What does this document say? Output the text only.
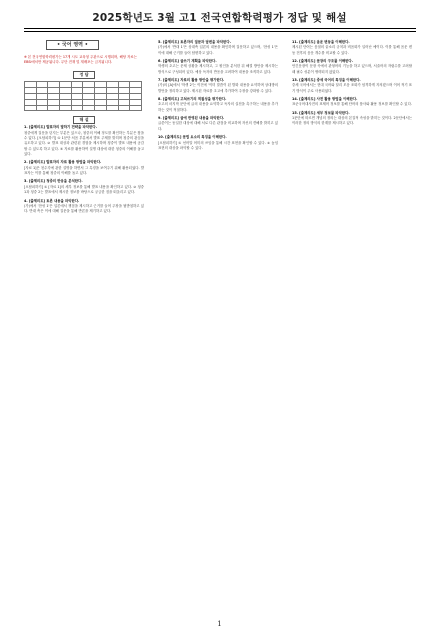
2025학년도 3월 고1 전국연합학력평가 정답 및 해설
• 국어 영역 •
※ 본 전국연합학력평가는 17개 시도 교육청 주관으로 시행되며, 해당 자료는 EBSi에서만 제공됩니다. 무단 전재 및 재배포는 금지됩니다.
정 답

해 설
1. [출제의도] 발표자의 말하기 전략을 파악한다.
청중에게 질문을 던지는 부분은 있으나, 청중의 이해 정도를 확인하는 부분은 찾을 수 없다. [오답피하기] ① 1문단 처음 부분에서 발표 주제를 밝히며 청중의 관심을 유도하고 있다. ② 발표 대상과 관련된 경험을 제시하며 청중이 발표 내용에 공감할 수 있도록 하고 있다. ③ 자료를 활용하여 설명 대상에 대한 청중의 이해를 돕고 있다.
2. [출제의도] 발표자의 자료 활용 방법을 파악한다.
[자료 1]은 천수각에 관한 설명을 하면서 그 특징을 보여주기 위해 활용되었다. 발표자는 이를 통해 청중의 이해를 돕고 있다.
3. [출제의도] 청중의 반응을 분석한다.
[오답피하기] ① [자료 1]의 세부 정보를 통해 발표 내용을 확인하고 있다. ② 청중 1과 청중 2는 발표에서 제시한 정보를 바탕으로 궁금한 점을 떠올리고 있다.
4. [출제의도] 토론 내용을 파악한다.
(가)에서 '찬성 1'은 입론에서 쟁점을 제시하고 근거를 들어 주장을 뒷받침하고 있다. 반대 측은 이에 대해 질문을 통해 반론을 제기하고 있다.
5. [출제의도] 토론자의 질문과 답변을 파악한다.
(가)에서 '반대 1'은 상대측 입론의 내용을 확인하며 질문하고 있으며, '찬성 1'은 이에 대해 근거를 들어 답변하고 있다.
6. [출제의도] 글쓰기 계획을 파악한다.
학생의 초고는 문제 상황을 제시하고, 그 원인을 분석한 뒤 해결 방안을 제시하는 방식으로 구성되어 있다. 예상 독자의 반응을 고려하여 내용을 조직하고 있다.
7. [출제의도] 자료의 활용 방안을 평가한다.
(가)의 [A]에서 '학생 2'는 이전에 '이미 말씀이 된 발화 내용을 요약하며 상대방의 발언을 정리하고 있다. 제시된 자료를 초고에 추가하여 주장을 강화할 수 있다.
8. [출제의도] 고쳐쓰기의 적절성을 평가한다.
초고의 마지막 문단에 글의 내용을 요약하고 독자의 실천을 촉구하는 내용을 추가하는 것이 적절하다.
9. [출제의도] 글에 반영된 내용을 파악한다.
글쓴이는 동일한 대상에 대해 서로 다른 관점을 비교하며 자신의 견해를 밝히고 있다.
10. [출제의도] 문법 요소의 특징을 이해한다.
[오답피하기] ① 선어말 어미의 쓰임을 통해 시간 표현을 확인할 수 있다. ② 높임 표현의 대상을 파악할 수 있다.
11. [출제의도] 음운 변동을 이해한다.
제시된 단어는 음절의 끝소리 규칙과 비음화가 일어난 예이다. 이를 통해 음운 변동 전후의 음운 개수를 비교할 수 있다.
12. [출제의도] 문장의 구조를 이해한다.
안긴문장이 문장 속에서 관형어의 기능을 하고 있으며, 서술어의 자릿수를 고려할 때 필수 성분이 생략되지 않았다.
13. [출제의도] 중세 국어의 특징을 이해한다.
중세 국어에서는 현대 국어와 달리 모음 조화가 엄격하게 지켜졌으며 이어 적기 표기 방식이 주로 사용되었다.
14. [출제의도] 사전 활용 방법을 이해한다.
표준국어대사전의 표제어 정보를 통해 단어의 품사와 활용 정보를 확인할 수 있다.
15. [출제의도] 세부 정보를 파악한다.
1문단에 따르면 개념의 정의는 대상의 본질적 속성을 밝히는 것이다. 2문단에서는 이러한 정의 방식의 한계를 제시하고 있다.
1
